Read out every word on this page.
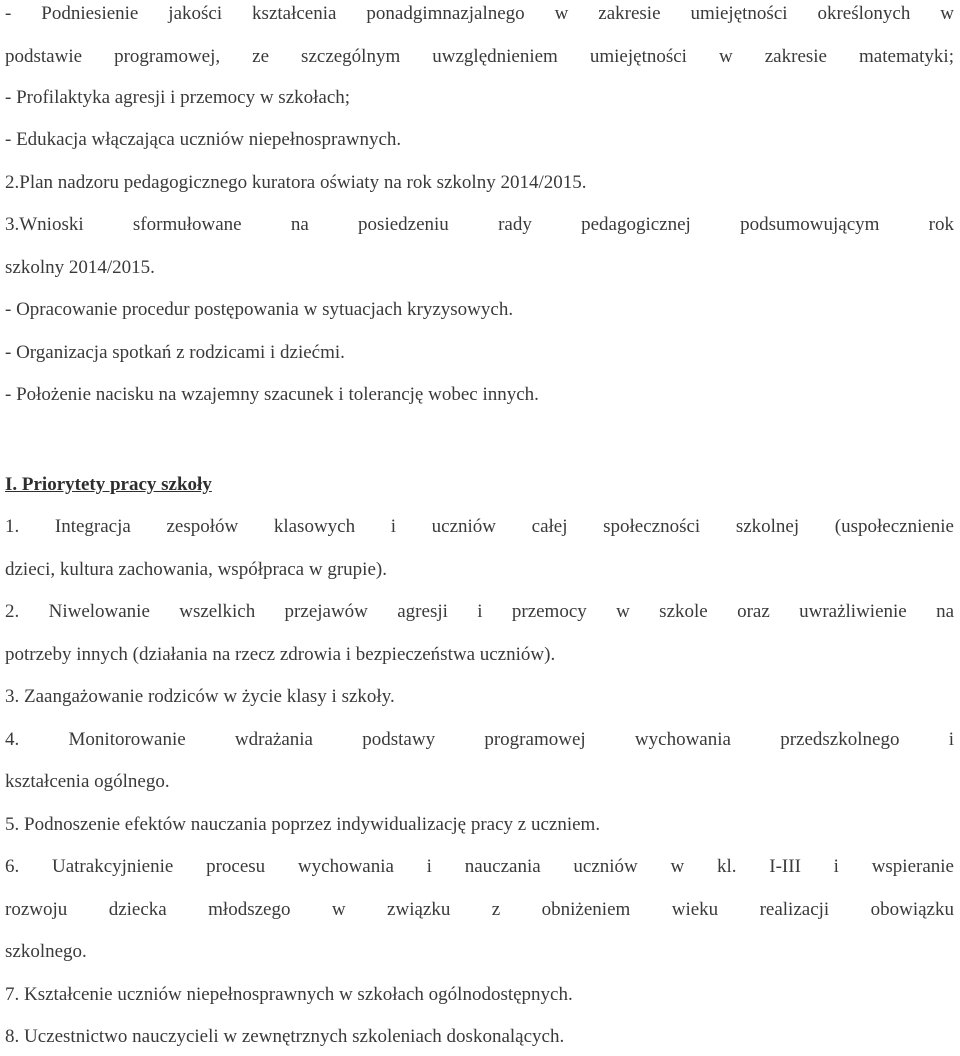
- Podniesienie jakości kształcenia ponadgimnazjalnego w zakresie umiejętności określonych w
podstawie programowej, ze szczególnym uwzględnieniem umiejętności w zakresie matematyki;
- Profilaktyka agresji i przemocy w szkołach;
- Edukacja włączająca uczniów niepełnosprawnych.
2.Plan nadzoru pedagogicznego kuratora oświaty na rok szkolny 2014/2015.
3.Wnioski sformułowane na posiedzeniu rady pedagogicznej podsumowującym rok
szkolny 2014/2015.
- Opracowanie procedur postępowania w sytuacjach kryzysowych.
- Organizacja spotkań z rodzicami i dziećmi.
- Położenie nacisku na wzajemny szacunek i tolerancję wobec innych.
I. Priorytety pracy szkoły
1. Integracja zespołów klasowych i uczniów całej społeczności szkolnej (uspołecznienie
dzieci, kultura zachowania, współpraca w grupie).
2. Niwelowanie wszelkich przejawów agresji i przemocy w szkole oraz uwrażliwienie na
potrzeby innych (działania na rzecz zdrowia i bezpieczeństwa uczniów).
3. Zaangażowanie rodziców w życie klasy i szkoły.
4. Monitorowanie wdrażania podstawy programowej wychowania przedszkolnego i
kształcenia ogólnego.
5. Podnoszenie efektów nauczania poprzez indywidualizację pracy z uczniem.
6. Uatrakcyjnienie procesu wychowania i nauczania uczniów w kl. I-III i wspieranie
rozwoju dziecka młodszego w związku z obniżeniem wieku realizacji obowiązku
szkolnego.
7. Kształcenie uczniów niepełnosprawnych w szkołach ogólnodostępnych.
8. Uczestnictwo nauczycieli w zewnętrznych szkoleniach doskonalących.
